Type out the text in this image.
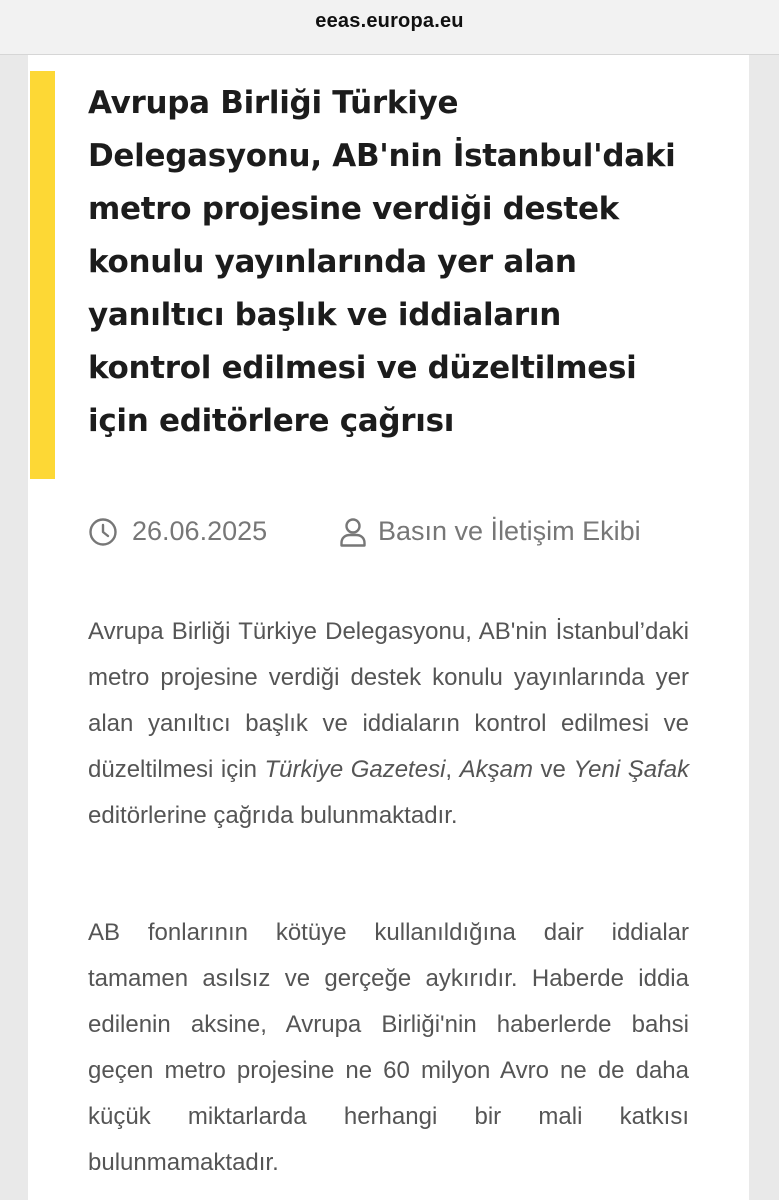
eeas.europa.eu
Avrupa Birliği Türkiye Delegasyonu, AB'nin İstanbul'daki metro projesine verdiği destek konulu yayınlarında yer alan yanıltıcı başlık ve iddiaların kontrol edilmesi ve düzeltilmesi için editörlere çağrısı
26.06.2025	Basın ve İletişim Ekibi

Avrupa Birliği Türkiye Delegasyonu, AB'nin İstanbul’daki metro projesine verdiği destek konulu yayınlarında yer alan yanıltıcı başlık ve iddiaların kontrol edilmesi ve düzeltilmesi için Türkiye Gazetesi, Akşam ve Yeni Şafak editörlerine çağrıda bulunmaktadır.

AB fonlarının kötüye kullanıldığına dair iddialar tamamen asılsız ve gerçeğe aykırıdır. Haberde iddia edilenin aksine, Avrupa Birliği'nin haberlerde bahsi geçen metro projesine ne 60 milyon Avro ne de daha küçük miktarlarda herhangi bir mali katkısı bulunmamaktadır.
